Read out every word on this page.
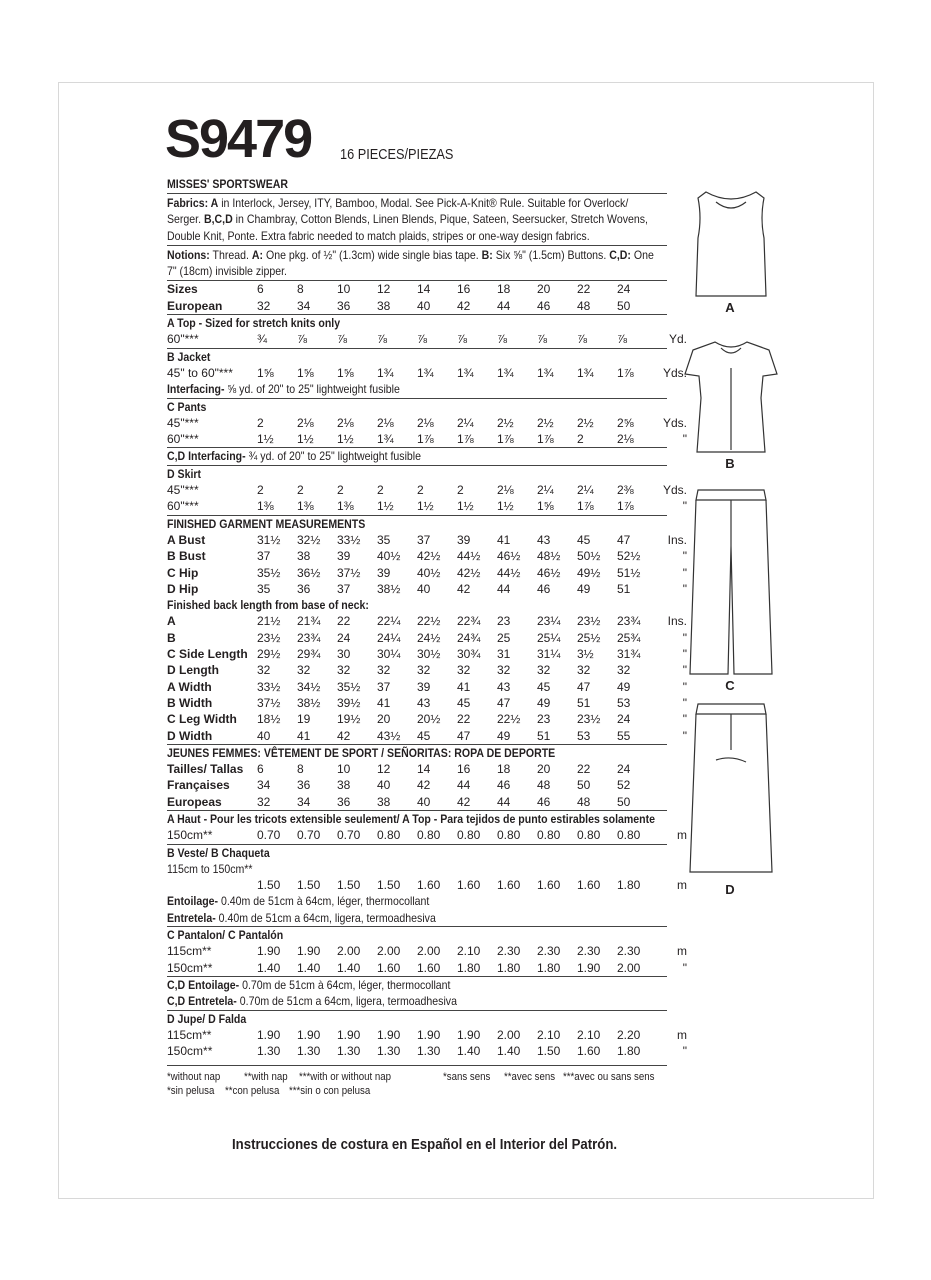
S9479 16 PIECES/PIEZAS
MISSES' SPORTSWEAR
Fabrics: A in Interlock, Jersey, ITY, Bamboo, Modal. See Pick-A-Knit® Rule. Suitable for Overlock/ Serger. B,C,D in Chambray, Cotton Blends, Linen Blends, Pique, Sateen, Seersucker, Stretch Wovens, Double Knit, Ponte. Extra fabric needed to match plaids, stripes or one-way design fabrics.
Notions: Thread. A: One pkg. of ½" (1.3cm) wide single bias tape. B: Six ⅝" (1.5cm) Buttons. C,D: One 7" (18cm) invisible zipper.
Sizes	6	8	10	12	14	16	18	20	22	24
European	32	34	36	38	40	42	44	46	48	50
A Top - Sized for stretch knits only
60"***	¾	⅞	⅞	⅞	⅞	⅞	⅞	⅞	⅞	⅞	Yd.
B Jacket
45" to 60"***	1⅝	1⅝	1⅝	1¾	1¾	1¾	1¾	1¾	1¾	1⅞	Yds.
Interfacing- ⅝ yd. of 20" to 25" lightweight fusible
C Pants
45"***	2	2⅛	2⅛	2⅛	2⅛	2¼	2½	2½	2½	2⅝	Yds.
60"***	1½	1½	1½	1¾	1⅞	1⅞	1⅞	1⅞	2	2⅛	"
C,D Interfacing- ¾ yd. of 20" to 25" lightweight fusible
D Skirt
45"***	2	2	2	2	2	2	2⅛	2¼	2¼	2⅜	Yds.
60"***	1⅜	1⅜	1⅜	1½	1½	1½	1½	1⅝	1⅞	1⅞	"
FINISHED GARMENT MEASUREMENTS
A Bust	31½	32½	33½	35	37	39	41	43	45	47	Ins.
B Bust	37	38	39	40½	42½	44½	46½	48½	50½	52½	"
C Hip	35½	36½	37½	39	40½	42½	44½	46½	49½	51½	"
D Hip	35	36	37	38½	40	42	44	46	49	51	"
Finished back length from base of neck:
A	21½	21¾	22	22¼	22½	22¾	23	23¼	23½	23¾	Ins.
B	23½	23¾	24	24¼	24½	24¾	25	25¼	25½	25¾	"
C Side Length 29½	29¾	30	30¼	30½	30¾	31	31¼	3½	31¾	"
D Length	32	32	32	32	32	32	32	32	32	32	"
A Width	33½	34½	35½	37	39	41	43	45	47	49	"
B Width	37½	38½	39½	41	43	45	47	49	51	53	"
C Leg Width	18½	19	19½	20	20½	22	22½	23	23½	24	"
D Width	40	41	42	43½	45	47	49	51	53	55	"
JEUNES FEMMES: VÊTEMENT DE SPORT / SEÑORITAS: ROPA DE DEPORTE
Tailles/ Tallas	6	8	10	12	14	16	18	20	22	24
Françaises	34	36	38	40	42	44	46	48	50	52
Europeas	32	34	36	38	40	42	44	46	48	50
A Haut - Pour les tricots extensible seulement/ A Top - Para tejidos de punto estirables solamente
150cm**	0.70	0.70	0.70	0.80	0.80	0.80	0.80	0.80	0.80	0.80	m
B Veste/ B Chaqueta
115cm to 150cm**
1.50	1.50	1.50	1.50	1.60	1.60	1.60	1.60	1.60	1.80	m
Entoilage- 0.40m de 51cm à 64cm, léger, thermocollant
Entretela- 0.40m de 51cm a 64cm, ligera, termoadhesiva
C Pantalon/ C Pantalón
115cm**	1.90	1.90	2.00	2.00	2.00	2.10	2.30	2.30	2.30	2.30	m
150cm**	1.40	1.40	1.40	1.60	1.60	1.80	1.80	1.80	1.90	2.00	"
C,D Entoilage- 0.70m de 51cm à 64cm, léger, thermocollant
C,D Entretela- 0.70m de 51cm a 64cm, ligera, termoadhesiva
D Jupe/ D Falda
115cm**	1.90	1.90	1.90	1.90	1.90	1.90	2.00	2.10	2.10	2.20	m
150cm**	1.30	1.30	1.30	1.30	1.30	1.40	1.40	1.50	1.60	1.80	"
*without nap	**with nap	***with or without nap	*sans sens	**avec sens ***avec ou sans sens
*sin pelusa **con pelusa ***sin o con pelusa
Instrucciones de costura en Español en el Interior del Patrón.
A
B
C
D
